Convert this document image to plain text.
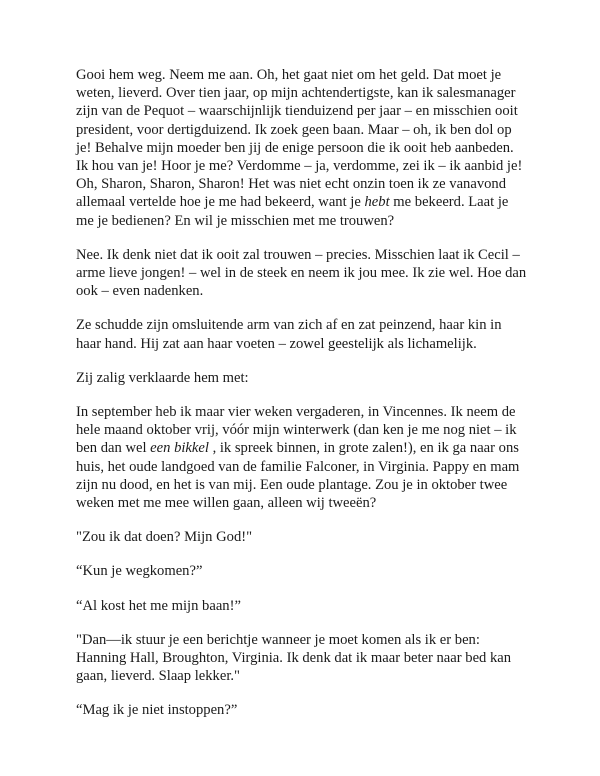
Gooi hem weg. Neem me aan. Oh, het gaat niet om het geld. Dat moet je weten, lieverd. Over tien jaar, op mijn achtendertigste, kan ik salesmanager zijn van de Pequot – waarschijnlijk tienduizend per jaar – en misschien ooit president, voor dertigduizend. Ik zoek geen baan. Maar – oh, ik ben dol op je! Behalve mijn moeder ben jij de enige persoon die ik ooit heb aanbeden. Ik hou van je! Hoor je me? Verdomme – ja, verdomme, zei ik – ik aanbid je! Oh, Sharon, Sharon, Sharon! Het was niet echt onzin toen ik ze vanavond allemaal vertelde hoe je me had bekeerd, want je hebt me bekeerd. Laat je me je bedienen? En wil je misschien met me trouwen?

Nee. Ik denk niet dat ik ooit zal trouwen – precies. Misschien laat ik Cecil – arme lieve jongen! – wel in de steek en neem ik jou mee. Ik zie wel. Hoe dan ook – even nadenken.

Ze schudde zijn omsluitende arm van zich af en zat peinzend, haar kin in haar hand. Hij zat aan haar voeten – zowel geestelijk als lichamelijk.

Zij zalig verklaarde hem met:

In september heb ik maar vier weken vergaderen, in Vincennes. Ik neem de hele maand oktober vrij, vóór mijn winterwerk (dan ken je me nog niet – ik ben dan wel een bikkel , ik spreek binnen, in grote zalen!), en ik ga naar ons huis, het oude landgoed van de familie Falconer, in Virginia. Pappy en mam zijn nu dood, en het is van mij. Een oude plantage. Zou je in oktober twee weken met me mee willen gaan, alleen wij tweeën?

"Zou ik dat doen? Mijn God!"

“Kun je wegkomen?”

“Al kost het me mijn baan!”

"Dan—ik stuur je een berichtje wanneer je moet komen als ik er ben: Hanning Hall, Broughton, Virginia. Ik denk dat ik maar beter naar bed kan gaan, lieverd. Slaap lekker."

“Mag ik je niet instoppen?”
